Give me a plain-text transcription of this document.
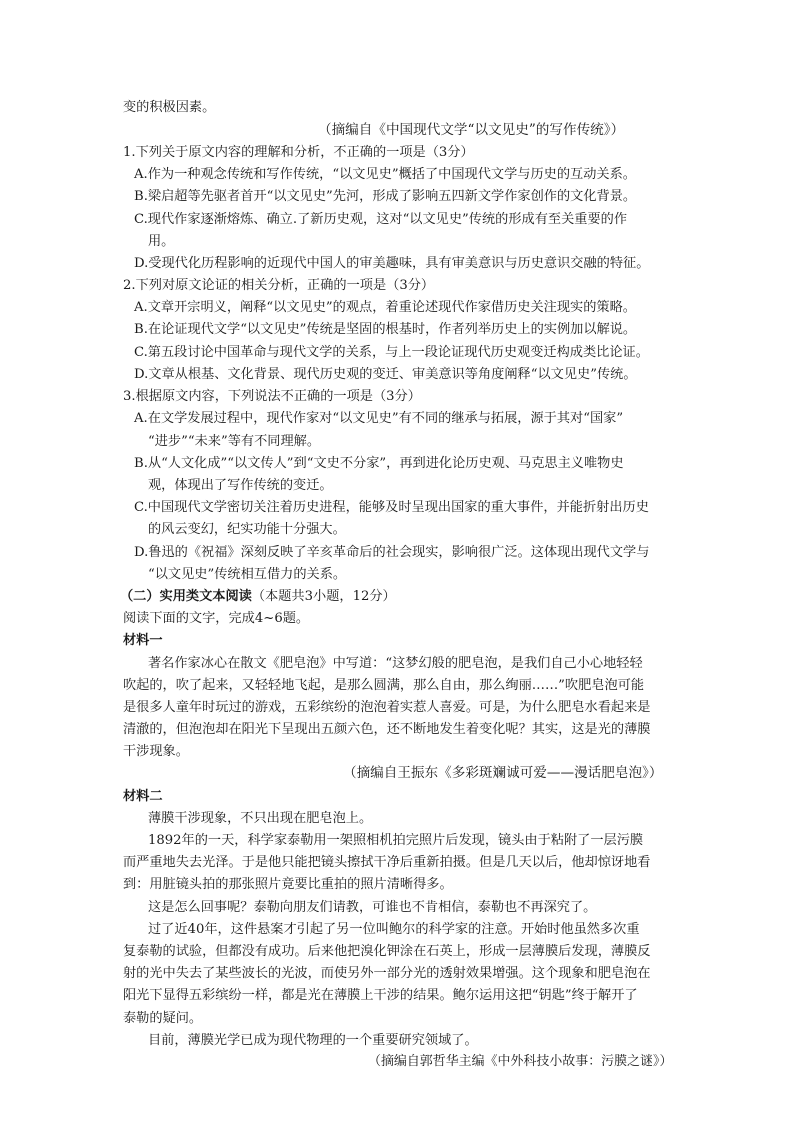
变的积极因素。
（摘编自《中国现代文学“以文见史”的写作传统》）
1.下列关于原文内容的理解和分析，不正确的一项是（3分）
A.作为一种观念传统和写作传统，“以文见史”概括了中国现代文学与历史的互动关系。
B.梁启超等先驱者首开“以文见史”先河，形成了影响五四新文学作家创作的文化背景。
C.现代作家逐渐熔炼、确立.了新历史观，这对“以文见史”传统的形成有至关重要的作
用。
D.受现代化历程影响的近现代中国人的审美趣味，具有审美意识与历史意识交融的特征。
2.下列对原文论证的相关分析，正确的一项是（3分）
A.文章开宗明义，阐释“以文见史”的观点，着重论述现代作家借历史关注现实的策略。
B.在论证现代文学“以文见史”传统是坚固的根基时，作者列举历史上的实例加以解说。
C.第五段讨论中国革命与现代文学的关系，与上一段论证现代历史观变迁构成类比论证。
D.文章从根基、文化背景、现代历史观的变迁、审美意识等角度阐释“以文见史”传统。
3.根据原文内容，下列说法不正确的一项是（3分）
A.在文学发展过程中，现代作家对“以文见史”有不同的继承与拓展，源于其对“国家”
“进步”“未来”等有不同理解。
B.从“人文化成”“以文传人”到“文史不分家”，再到进化论历史观、马克思主义唯物史
观，体现出了写作传统的变迁。
C.中国现代文学密切关注着历史进程，能够及时呈现出国家的重大事件，并能折射出历史
的风云变幻，纪实功能十分强大。
D.鲁迅的《祝福》深刻反映了辛亥革命后的社会现实，影响很广泛。这体现出现代文学与
“以文见史”传统相互借力的关系。
（二）实用类文本阅读（本题共3小题，12分）
阅读下面的文字，完成4~6题。
材料一
著名作家冰心在散文《肥皂泡》中写道：“这梦幻般的肥皂泡，是我们自己小心地轻轻
吹起的，吹了起来，又轻轻地飞起，是那么圆满，那么自由，那么绚丽……”吹肥皂泡可能
是很多人童年时玩过的游戏，五彩缤纷的泡泡着实惹人喜爱。可是，为什么肥皂水看起来是
清澈的，但泡泡却在阳光下呈现出五颜六色，还不断地发生着变化呢？其实，这是光的薄膜
干涉现象。
（摘编自王振东《多彩斑斓诚可爱——漫话肥皂泡》）
材料二
薄膜干涉现象，不只出现在肥皂泡上。
1892年的一天，科学家泰勒用一架照相机拍完照片后发现，镜头由于粘附了一层污膜
而严重地失去光泽。于是他只能把镜头擦拭干净后重新拍摄。但是几天以后，他却惊讶地看
到：用脏镜头拍的那张照片竟要比重拍的照片清晰得多。
这是怎么回事呢？泰勒向朋友们请教，可谁也不肯相信，泰勒也不再深究了。
过了近40年，这件悬案才引起了另一位叫鲍尔的科学家的注意。开始时他虽然多次重
复泰勒的试验，但都没有成功。后来他把溴化钾涂在石英上，形成一层薄膜后发现，薄膜反
射的光中失去了某些波长的光波，而使另外一部分光的透射效果增强。这个现象和肥皂泡在
阳光下显得五彩缤纷一样，都是光在薄膜上干涉的结果。鲍尔运用这把“钥匙”终于解开了
泰勒的疑问。
目前，薄膜光学已成为现代物理的一个重要研究领域了。
（摘编自郭哲华主编《中外科技小故事：污膜之谜》）
